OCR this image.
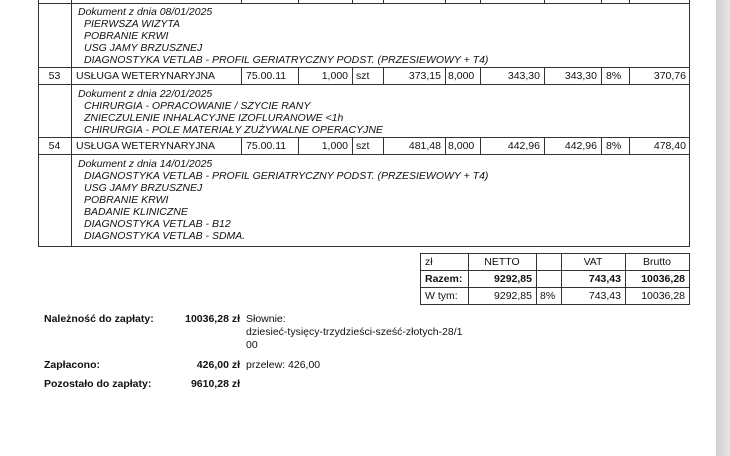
Dokument z dnia 08/01/2025
PIERWSZA WIZYTA
POBRANIE KRWI
USG JAMY BRZUSZNEJ
DIAGNOSTYKA VETLAB - PROFIL GERIATRYCZNY PODST. (PRZESIEWOWY + T4)
53	USŁUGA WETERYNARYJNA	75.00.11	1,000 szt	373,15 8,000	343,30	343,30 8%	370,76
Dokument z dnia 22/01/2025
CHIRURGIA - OPRACOWANIE / SZYCIE RANY
ZNIECZULENIE INHALACYJNE IZOFLURANOWE <1h
CHIRURGIA - POLE MATERIAŁY ZUŻYWALNE OPERACYJNE
54	USŁUGA WETERYNARYJNA	75.00.11	1,000 szt	481,48 8,000	442,96	442,96 8%	478,40
Dokument z dnia 14/01/2025
DIAGNOSTYKA VETLAB - PROFIL GERIATRYCZNY PODST. (PRZESIEWOWY + T4)
USG JAMY BRZUSZNEJ
POBRANIE KRWI
BADANIE KLINICZNE
DIAGNOSTYKA VETLAB - B12
DIAGNOSTYKA VETLAB - SDMA.
zł	NETTO	VAT	Brutto
Razem:	9292,85	743,43	10036,28
W tym:	9292,85 8%	743,43	10036,28
Należność do zapłaty:	10036,28 zł Słownie:
dziesieć-tysięcy-trzydzieści-sześć-złotych-28/1
00
Zapłacono:	426,00 zł przelew: 426,00
Pozostało do zapłaty:	9610,28 zł
